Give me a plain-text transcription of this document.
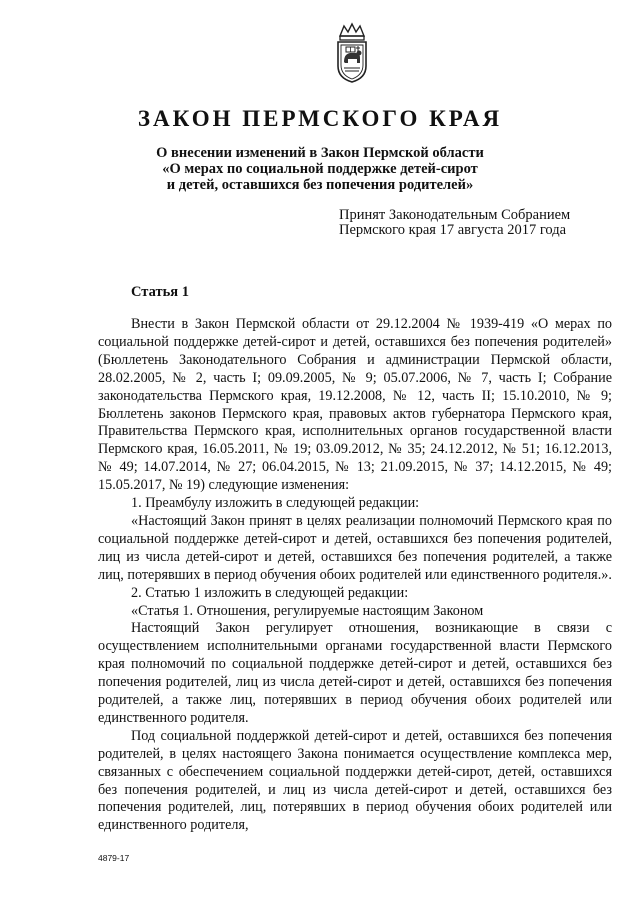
ЗАКОН ПЕРМСКОГО КРАЯ
О внесении изменений в Закон Пермской области
«О мерах по социальной поддержке детей-сирот
и детей, оставшихся без попечения родителей»
Принят Законодательным Собранием
Пермского края 17 августа 2017 года
Статья 1

Внести в Закон Пермской области от 29.12.2004 № 1939-419 «О мерах по социальной поддержке детей-сирот и детей, оставшихся без попечения родителей» (Бюллетень Законодательного Собрания и администрации Пермской области, 28.02.2005, № 2, часть I; 09.09.2005, № 9; 05.07.2006, № 7, часть I; Собрание законодательства Пермского края, 19.12.2008, № 12, часть II; 15.10.2010, № 9; Бюллетень законов Пермского края, правовых актов губернатора Пермского края, Правительства Пермского края, исполнительных органов государственной власти Пермского края, 16.05.2011, № 19; 03.09.2012, № 35; 24.12.2012, № 51; 16.12.2013, № 49; 14.07.2014, № 27; 06.04.2015, № 13; 21.09.2015, № 37; 14.12.2015, № 49; 15.05.2017, № 19) следующие изменения:

1. Преамбулу изложить в следующей редакции:

«Настоящий Закон принят в целях реализации полномочий Пермского края по социальной поддержке детей-сирот и детей, оставшихся без попечения родителей, лиц из числа детей-сирот и детей, оставшихся без попечения родителей, а также лиц, потерявших в период обучения обоих родителей или единственного родителя.».

2. Статью 1 изложить в следующей редакции:

«Статья 1. Отношения, регулируемые настоящим Законом

Настоящий Закон регулирует отношения, возникающие в связи с осуществлением исполнительными органами государственной власти Пермского края полномочий по социальной поддержке детей-сирот и детей, оставшихся без попечения родителей, лиц из числа детей-сирот и детей, оставшихся без попечения родителей, а также лиц, потерявших в период обучения обоих родителей или единственного родителя.

Под социальной поддержкой детей-сирот и детей, оставшихся без попечения родителей, в целях настоящего Закона понимается осуществление комплекса мер, связанных с обеспечением социальной поддержки детей-сирот, детей, оставшихся без попечения родителей, и лиц из числа детей-сирот и детей, оставшихся без попечения родителей, лиц, потерявших в период обучения обоих родителей или единственного родителя,

4879-17
